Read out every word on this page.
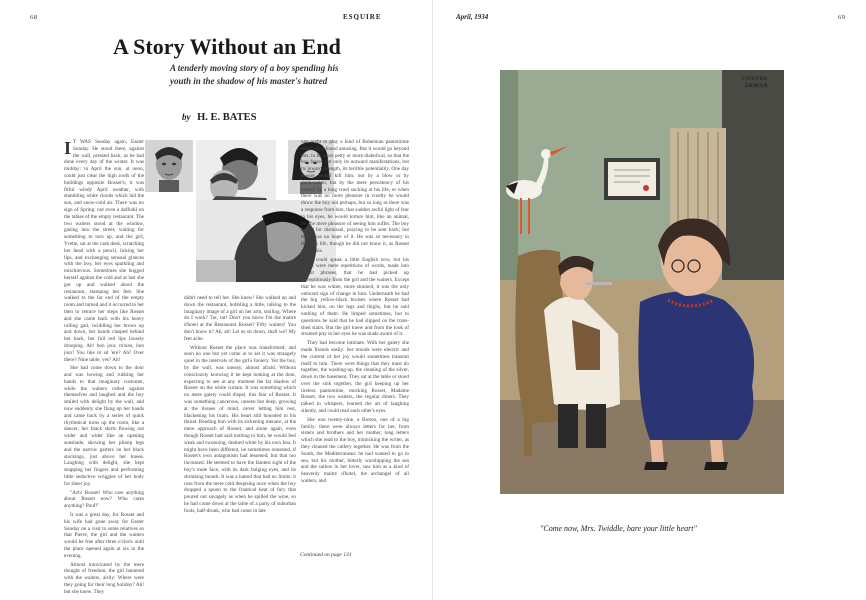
68	ESQUIRE
A Story Without an End

A tenderly moving story of a boy spending his youth in the shadow of his master's hatred

by H. E. BATES
I T WAS Sunday again, Easter Sunday. He stood there, against the wall, pressed back, as he had done every day of the winter. It was midday: in April the sun, at noon, could just clear the high roofs of the buildings opposite Rosset's; it was fitful windy April weather, with stumbling white clouds which hid the sun, and snow-cold air. There was no sign of Spring: not even a daffodil on the tables of the empty restaurant. The two waiters stood at the window, gazing into the street, waiting for something to turn up, and the girl, Yvette, sat at the cash desk, scratching her head with a pencil, licking her lips, and exchanging sensual glances with the boy, her eyes sparkling and mischievous. Sometimes she hugged herself against the cold and at last she got up and walked about the restaurant, stamping her feet. She walked to the far end of the empty room and turned and it occurred to her then to retrace her steps like Rosset and she came back with his heavy rolling gait, twiddling her brows up and down, her hands clasped behind her back, her full red lips loosely drooping. Ah! bon jour, m'sieu, bon jour! You like to sit 'ere? Ah? Over there? Nine table, yes? Ah!

She had come down to the door and was bowing and rubbing her hands to that imaginary customer, while the waiters rolled against themselves and laughed and the boy smiled with delight by the wall, and now suddenly she flung up her hands and came back by a series of quick rhythmical turns up the room, like a dancer, her black skirts flowing out wider and wider like an opening sunshade, showing her plump legs and the narrow garters on her black stockings, just above her knees. Laughing with delight, she kept snapping her fingers and performing little seductive wriggles of her body for sheer joy.

"Ach! Rosset! Who care anything about Rosset now? Who cares anything? Pouf!"

It was a great day, for Rosset and his wife had gone away for Easter Sunday on a visit to some relatives so that Pierre, the girl and the waiters would be free after three o'clock until the place opened again at six in the evening.

Almost intoxicated by the mere thought of freedom, the girl bantered with the waiters, airily: Where were they going for their long holiday? Ah! but she knew. They

didn't need to tell her. She knew! She walked up and down the restaurant, hobbling a little, talking to the imaginary image of a girl on her arm, smiling. Where do I work? Tut, tut! Don't you know I'm the maitre d'hotel at the Restaurant Rosset? Fifty waiters! You don't know it? Ah, ah! Let us sit down, shall we? My feet ache.

Without Rosset the place was transformed; and soon no one but yet come in to set it was strangely quiet in the intervals of the girl's foolery. Yet the boy, by the wall, was uneasy, almost afraid. Without consciously knowing it he kept looking at the door, expecting to see at any moment the fat shadow of Rosset on the white curtain. It was something which no mere gaiety could dispel, this fear of Rosset. It was something cancerous, unseen but deep, growing at the tissues of mind, never letting him rest, blackening his brain. His heart still hounded to his throat. Reading him with its sickening menace, at the mere approach of Rosset, and alone again, even though Rosset had said nothing to him, he would feel weak and swooning, drained white by his own fear. It might have been different, he sometimes reasoned, if Rosset's own antagonism had lessened; but that too increased. He seemed to have the faintest sight of the boy's mute face, with its dark bulging eyes, and its shrinking mouth. It was a hatred that had no limits; it rose from the mere cold despising once when the boy dropped a spoon to the frantical heat of fury that poured out savagely as when he spilled the wine, so he had come down at the table of a party of suburban fools, half-drunk, who had come in late

one night to play a kind of Bohemian pantomime which they found amusing. But it would go beyond this, to be more petty or more diabolical, so that the boy feared not only its outward manifestations, but its inward strength, its terrible potentiality. One day Rosset would kill him, not by a blow or by deliberation, but by the mere persistency of his hatred, by a long cruel sucking at his life, or when there was no more pleasure in cruelty he would throw the boy out perhaps, but so long as there was a response from him, that sudden awful light of fear in his eyes, he would torture him, like an animal, for the mere pleasure of seeing him suffer. The boy hoped for dismissal, praying to be sent back; but there was no hope of it. He was so necessary to Rosset's life, though he did not know it, as Rosset was to his.

He could speak a little English now, but his words were mere repetitions of words, made into quaint phrases, that he had picked up surreptitiously from the girl and the waiters. Except that he was whiter, more strained, it was the only outward sign of change in him. Underneath he had the big yellow-black bruises where Rosset had kicked him, on the legs and thighs, but he said nothing of them. He limped sometimes, but to questions he said that he had slipped on the trans-shed stairs. But the girl knew and from the look of strained pity in her eyes he was made aware of it.

They had become intimate. With her gaiety she made friends easily: her moods were electric and the current of her joy would sometimes transmit itself to him. There were things that they must do together, the washing-up, the cleaning of the silver, down in the basement. They sat at the table or stood over the sink together, the girl keeping up her tireless pantomime, mocking Rosset, Madame Rosset, the two waiters, the regular diners. They talked in whispers, learned the art of laughing silently, and could read each other's eyes.

She was twenty-nine, a Breton, one of a big family: there were always letters for her, from sisters and brothers and her mother, long letters which she read to the boy, mimicking the writer, as they cleaned the cutlery together. He was from the South, the Mediterranean: he had wanted to go to sea, but his mother, bitterly worshipping the sea and the sailors in her lover, saw him as a kind of heavenly maitre d'hotel, the archangel of all waiters, and

Continued on page 131
April, 1934	69
COUPRE
ERMAN
"Come now, Mrs. Twiddle, bare your little heart"
